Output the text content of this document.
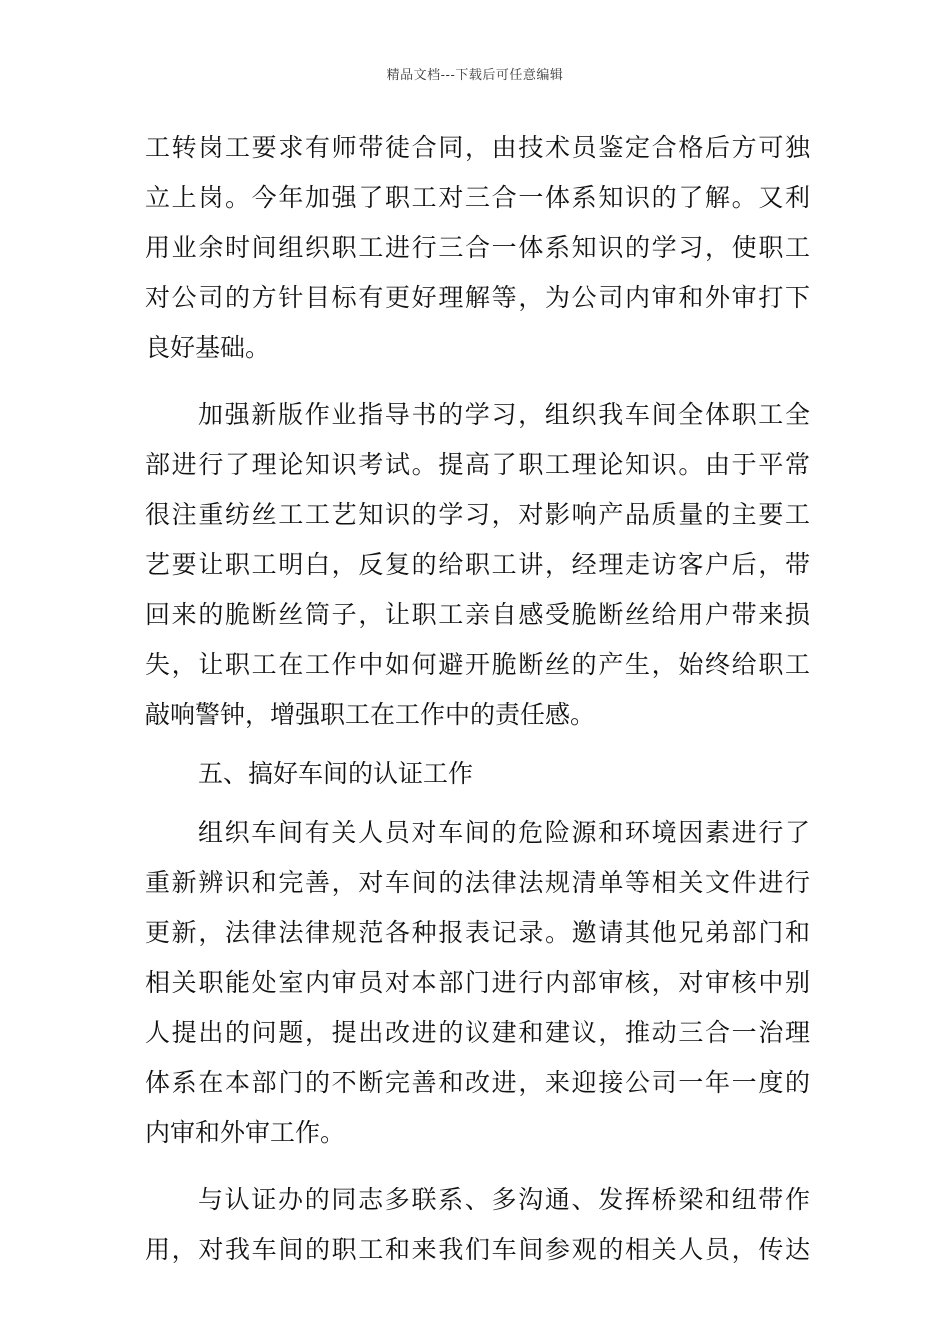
精品文档---下载后可任意编辑
工转岗工要求有师带徒合同，由技术员鉴定合格后方可独
立上岗。今年加强了职工对三合一体系知识的了解。又利
用业余时间组织职工进行三合一体系知识的学习，使职工
对公司的方针目标有更好理解等，为公司内审和外审打下
良好基础。
加强新版作业指导书的学习，组织我车间全体职工全
部进行了理论知识考试。提高了职工理论知识。由于平常
很注重纺丝工工艺知识的学习，对影响产品质量的主要工
艺要让职工明白，反复的给职工讲，经理走访客户后，带
回来的脆断丝筒子，让职工亲自感受脆断丝给用户带来损
失，让职工在工作中如何避开脆断丝的产生，始终给职工
敲响警钟，增强职工在工作中的责任感。
五、搞好车间的认证工作
组织车间有关人员对车间的危险源和环境因素进行了
重新辨识和完善，对车间的法律法规清单等相关文件进行
更新，法律法律规范各种报表记录。邀请其他兄弟部门和
相关职能处室内审员对本部门进行内部审核，对审核中别
人提出的问题，提出改进的议建和建议，推动三合一治理
体系在本部门的不断完善和改进，来迎接公司一年一度的
内审和外审工作。
与认证办的同志多联系、多沟通、发挥桥梁和纽带作
用，对我车间的职工和来我们车间参观的相关人员，传达
